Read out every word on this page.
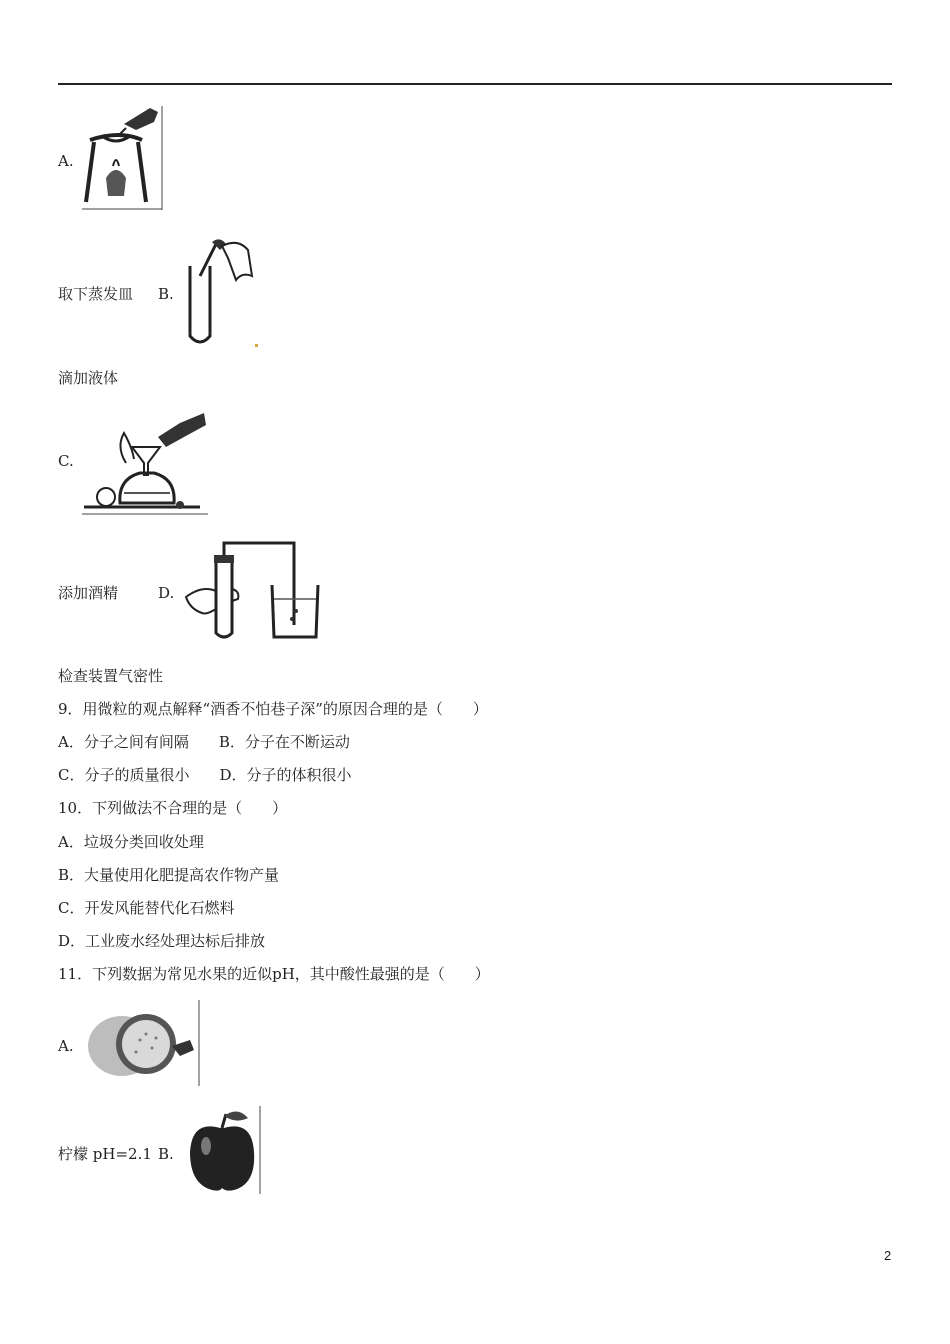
A.
取下蒸发皿 B.
滴加液体
C.
添加酒精	D.
检查装置气密性
9．用微粒的观点解释“酒香不怕巷子深”的原因合理的是（　　）
A．分子之间有间隔　　B．分子在不断运动
C．分子的质量很小　　D．分子的体积很小
10．下列做法不合理的是（　　）
A．垃圾分类回收处理
B．大量使用化肥提高农作物产量
C．开发风能替代化石燃料
D．工业废水经处理达标后排放
11．下列数据为常见水果的近似pH，其中酸性最强的是（　　）
A.
柠檬 pH=2.1 B.
2
